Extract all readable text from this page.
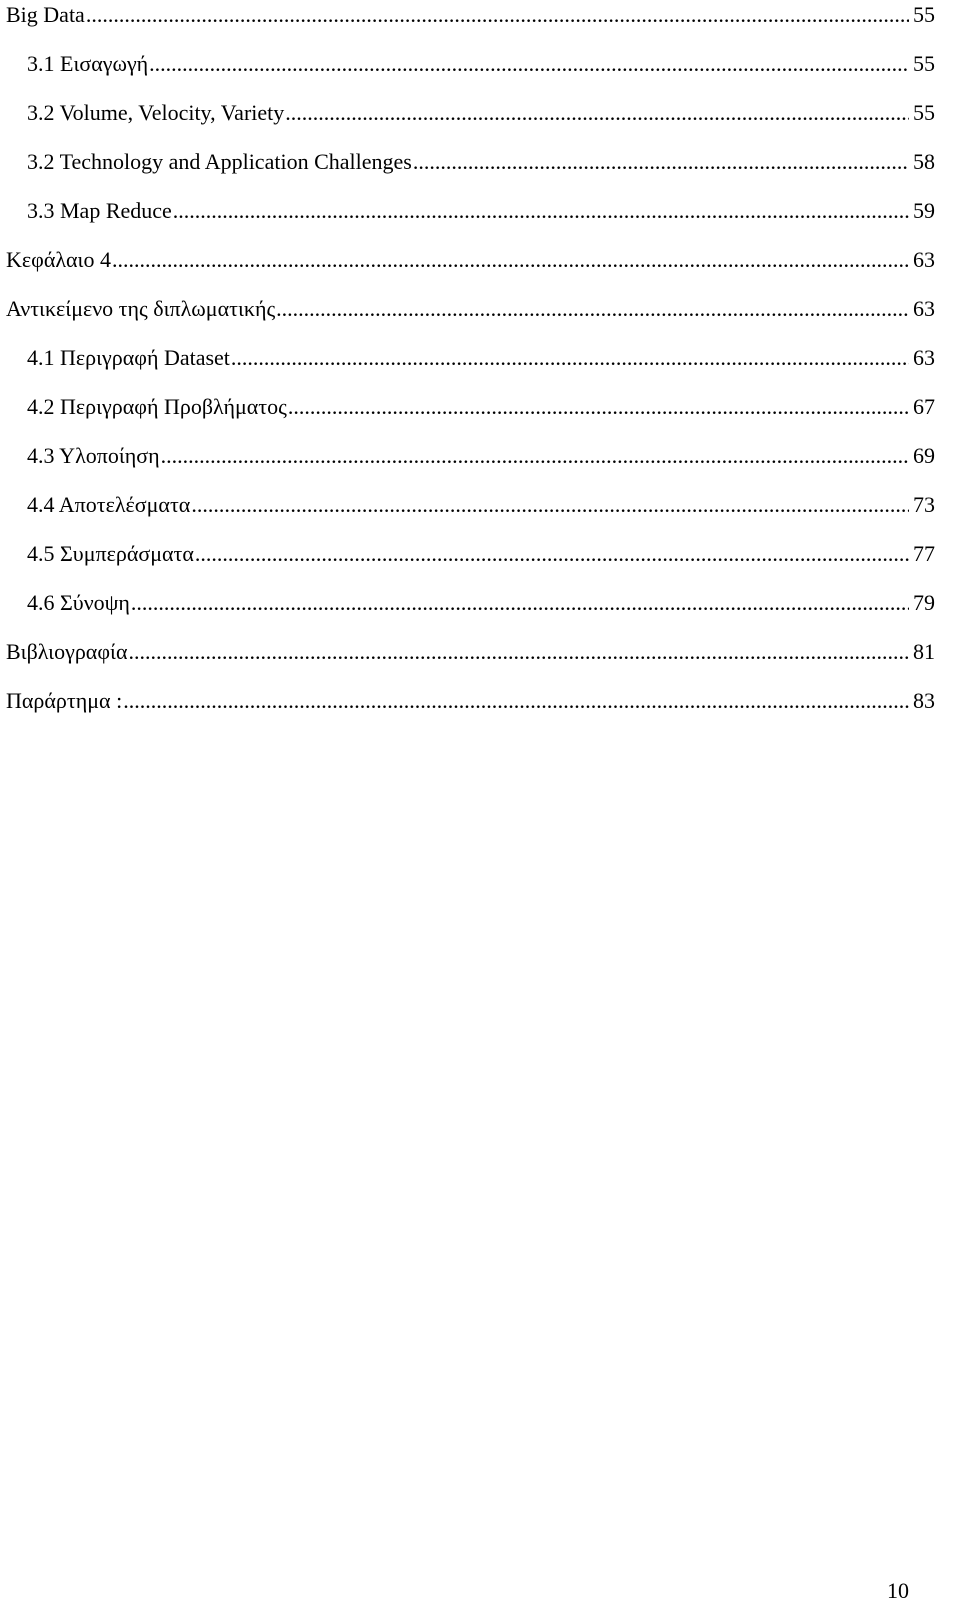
Big Data .....	55
3.1 Εισαγωγή .....	55
3.2 Volume, Velocity, Variety .....	55
3.2 Technology and Application Challenges .....	58
3.3 Map Reduce .....	59
Κεφάλαιο 4 .....	63
Αντικείμενο της διπλωματικής .....	63
4.1 Περιγραφή Dataset .....	63
4.2 Περιγραφή Προβλήματος .....	67
4.3 Υλοποίηση .....	69
4.4 Αποτελέσματα .....	73
4.5 Συμπεράσματα .....	77
4.6 Σύνοψη .....	79
Βιβλιογραφία .....	81
Παράρτημα : .....	83
10
